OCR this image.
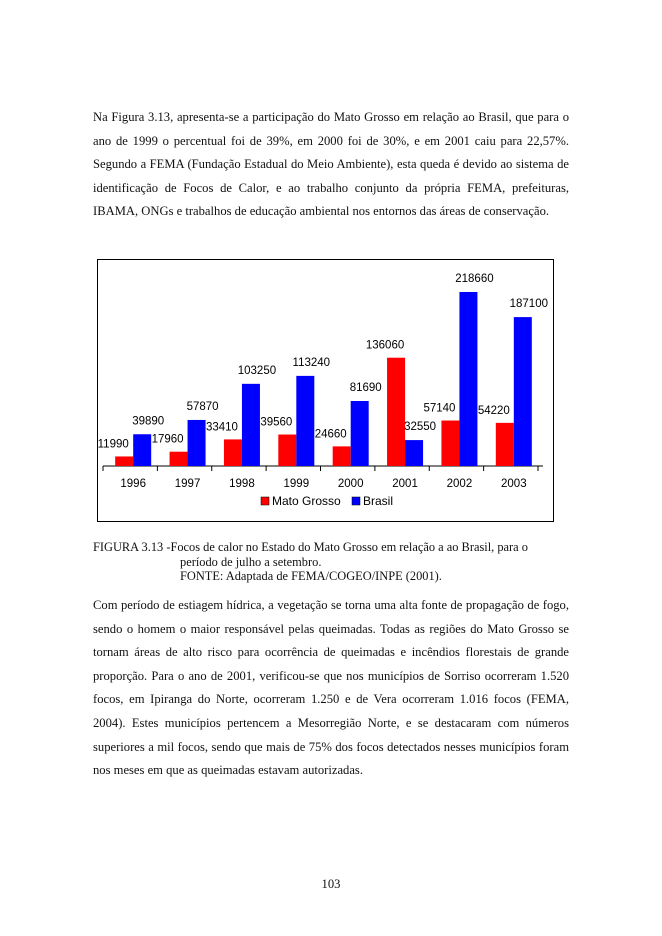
Na Figura 3.13, apresenta-se a participação do Mato Grosso em relação ao Brasil, que para o ano de 1999 o percentual foi de 39%, em 2000 foi de 30%, e em 2001 caiu para 22,57%. Segundo a FEMA (Fundação Estadual do Meio Ambiente), esta queda é devido ao sistema de identificação de Focos de Calor, e ao trabalho conjunto da própria FEMA, prefeituras, IBAMA, ONGs e trabalhos de educação ambiental nos entornos das áreas de conservação.

11990
39890
1996
17960
57870
1997
33410
103250
1998
39560
113240
1999
24660
81690
2000
136060
32550
2001
57140
218660
2002
54220
187100
2003
Mato Grosso Brasil
FIGURA 3.13 - Focos de calor no Estado do Mato Grosso em relação a ao Brasil, para o
período de julho a setembro.
FONTE: Adaptada de FEMA/COGEO/INPE (2001).

Com período de estiagem hídrica, a vegetação se torna uma alta fonte de propagação de fogo, sendo o homem o maior responsável pelas queimadas. Todas as regiões do Mato Grosso se tornam áreas de alto risco para ocorrência de queimadas e incêndios florestais de grande proporção. Para o ano de 2001, verificou-se que nos municípios de Sorriso ocorreram 1.520 focos, em Ipiranga do Norte, ocorreram 1.250 e de Vera ocorreram 1.016 focos (FEMA, 2004). Estes municípios pertencem a Mesorregião Norte, e se destacaram com números superiores a mil focos, sendo que mais de 75% dos focos detectados nesses municípios foram nos meses em que as queimadas estavam autorizadas.

103
